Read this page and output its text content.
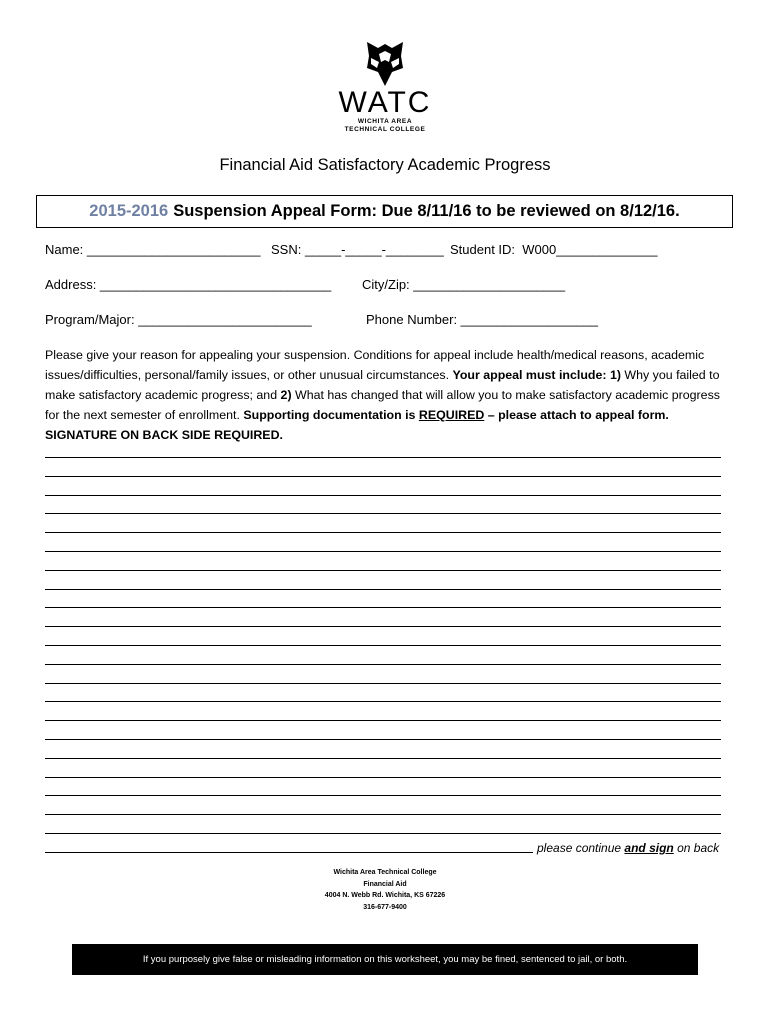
WATC
WICHITA AREA
TECHNICAL COLLEGE
Financial Aid Satisfactory Academic Progress
2015-2016 Suspension Appeal Form: Due 8/11/16 to be reviewed on 8/12/16.
Name: ________________________ SSN: _____-_____-________ Student ID:  W000______________
Address: ________________________________ City/Zip: _____________________
Program/Major: ________________________	Phone Number: ___________________
Please give your reason for appealing your suspension. Conditions for appeal include health/medical reasons, academic issues/difficulties, personal/family issues, or other unusual circumstances. Your appeal must include: 1) Why you failed to make satisfactory academic progress; and 2) What has changed that will allow you to make satisfactory academic progress for the next semester of enrollment. Supporting documentation is REQUIRED – please attach to appeal form. SIGNATURE ON BACK SIDE REQUIRED.
please continue and sign on back
Wichita Area Technical College
Financial Aid
4004 N. Webb Rd. Wichita, KS 67226
316-677-9400
If you purposely give false or misleading information on this worksheet, you may be fined, sentenced to jail, or both.
